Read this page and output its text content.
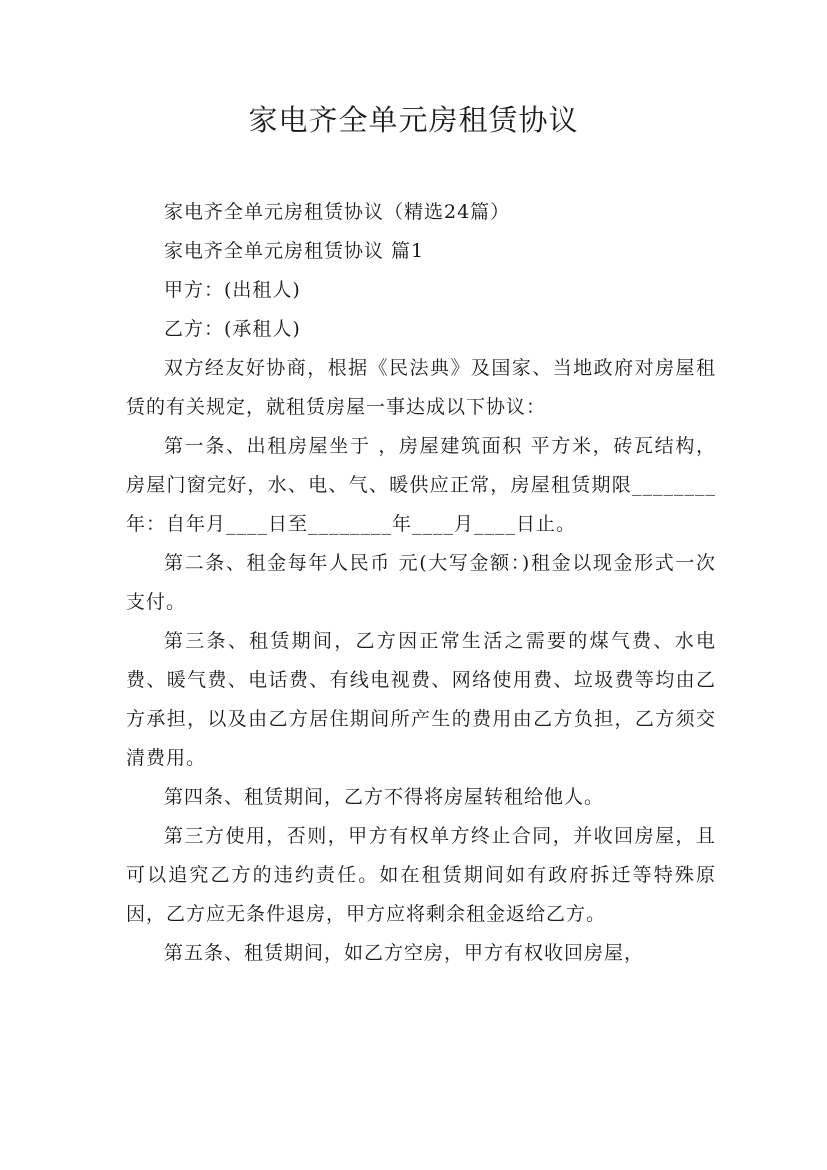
家电齐全单元房租赁协议

家电齐全单元房租赁协议（精选24篇）

家电齐全单元房租赁协议 篇1

甲方：(出租人)

乙方：(承租人)

双方经友好协商，根据《民法典》及国家、当地政府对房屋租赁的有关规定，就租赁房屋一事达成以下协议：

第一条、出租房屋坐于 ，房屋建筑面积 平方米，砖瓦结构，房屋门窗完好，水、电、气、暖供应正常，房屋租赁期限________年：自年月____日至________年____月____日止。

第二条、租金每年人民币 元(大写金额：)租金以现金形式一次支付。

第三条、租赁期间，乙方因正常生活之需要的煤气费、水电费、暖气费、电话费、有线电视费、网络使用费、垃圾费等均由乙方承担，以及由乙方居住期间所产生的费用由乙方负担，乙方须交清费用。

第四条、租赁期间，乙方不得将房屋转租给他人。

第三方使用，否则，甲方有权单方终止合同，并收回房屋，且可以追究乙方的违约责任。如在租赁期间如有政府拆迁等特殊原因，乙方应无条件退房，甲方应将剩余租金返给乙方。

第五条、租赁期间，如乙方空房，甲方有权收回房屋，
